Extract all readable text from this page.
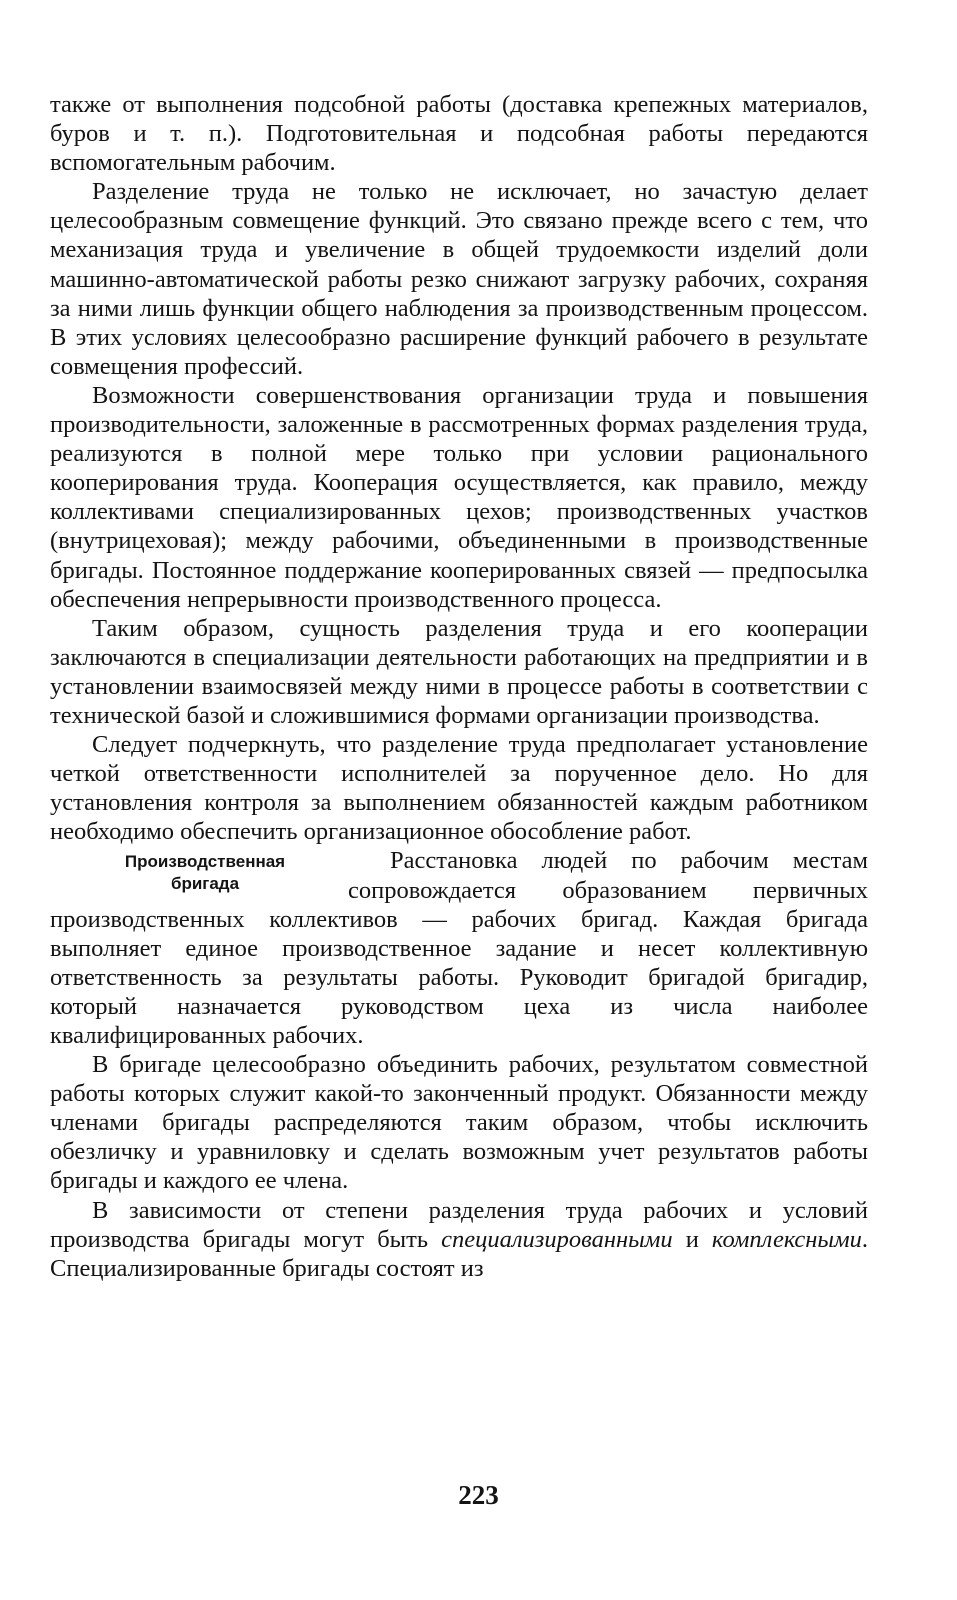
также от выполнения подсобной работы (доставка крепежных материалов, буров и т. п.). Подготовительная и подсобная работы передаются вспомогательным рабочим.

Разделение труда не только не исключает, но зачастую делает целесообразным совмещение функций. Это связано прежде всего с тем, что механизация труда и увеличение в общей трудоемкости изделий доли машинно-автоматической работы резко снижают загрузку рабочих, сохраняя за ними лишь функции общего наблюдения за производственным процессом. В этих условиях целесообразно расширение функций рабочего в результате совмещения профессий.

Возможности совершенствования организации труда и повышения производительности, заложенные в рассмотренных формах разделения труда, реализуются в полной мере только при условии рационального кооперирования труда. Кооперация осуществляется, как правило, между коллективами специализированных цехов; производственных участков (внутрицеховая); между рабочими, объединенными в производственные бригады. Постоянное поддержание кооперированных связей — предпосылка обеспечения непрерывности производственного процесса.

Таким образом, сущность разделения труда и его кооперации заключаются в специализации деятельности работающих на предприятии и в установлении взаимосвязей между ними в процессе работы в соответствии с технической базой и сложившимися формами организации производства.

Следует подчеркнуть, что разделение труда предполагает установление четкой ответственности исполнителей за порученное дело. Но для установления контроля за выполнением обязанностей каждым работником необходимо обеспечить организационное обособление работ.

Производственная
бригада

Расстановка людей по рабочим местам сопровождается образованием первичных производственных коллективов — рабочих бригад. Каждая бригада выполняет единое производственное задание и несет коллективную ответственность за результаты работы. Руководит бригадой бригадир, который назначается руководством цеха из числа наиболее квалифицированных рабочих.

В бригаде целесообразно объединить рабочих, результатом совместной работы которых служит какой-то законченный продукт. Обязанности между членами бригады распределяются таким образом, чтобы исключить обезличку и уравниловку и сделать возможным учет результатов работы бригады и каждого ее члена.

В зависимости от степени разделения труда рабочих и условий производства бригады могут быть специализированными и комплексными. Специализированные бригады состоят из

223
